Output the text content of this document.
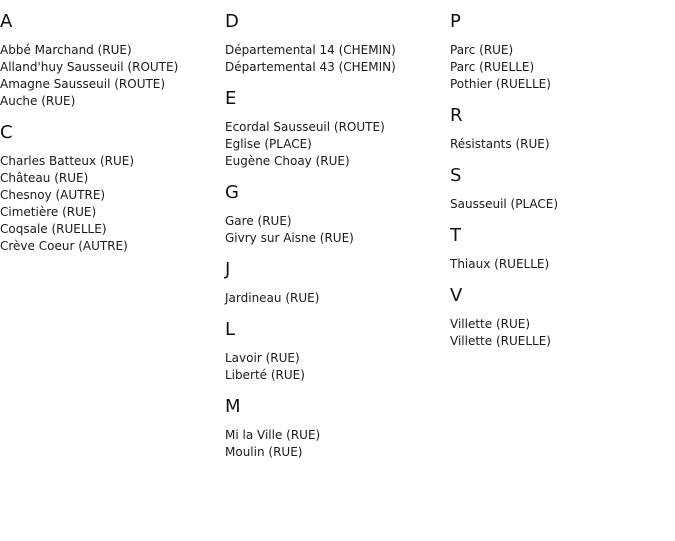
A
Abbé Marchand (RUE)
Alland'huy Sausseuil (ROUTE)
Amagne Sausseuil (ROUTE)
Auche (RUE)
C
Charles Batteux (RUE)
Château (RUE)
Chesnoy (AUTRE)
Cimetière (RUE)
Coqsale (RUELLE)
Crève Coeur (AUTRE)
D
Départemental 14 (CHEMIN)
Départemental 43 (CHEMIN)
E
Ecordal Sausseuil (ROUTE)
Eglise (PLACE)
Eugène Choay (RUE)
G
Gare (RUE)
Givry sur Aisne (RUE)
J
Jardineau (RUE)
L
Lavoir (RUE)
Liberté (RUE)
M
Mi la Ville (RUE)
Moulin (RUE)
P
Parc (RUE)
Parc (RUELLE)
Pothier (RUELLE)
R
Résistants (RUE)
S
Sausseuil (PLACE)
T
Thiaux (RUELLE)
V
Villette (RUE)
Villette (RUELLE)
